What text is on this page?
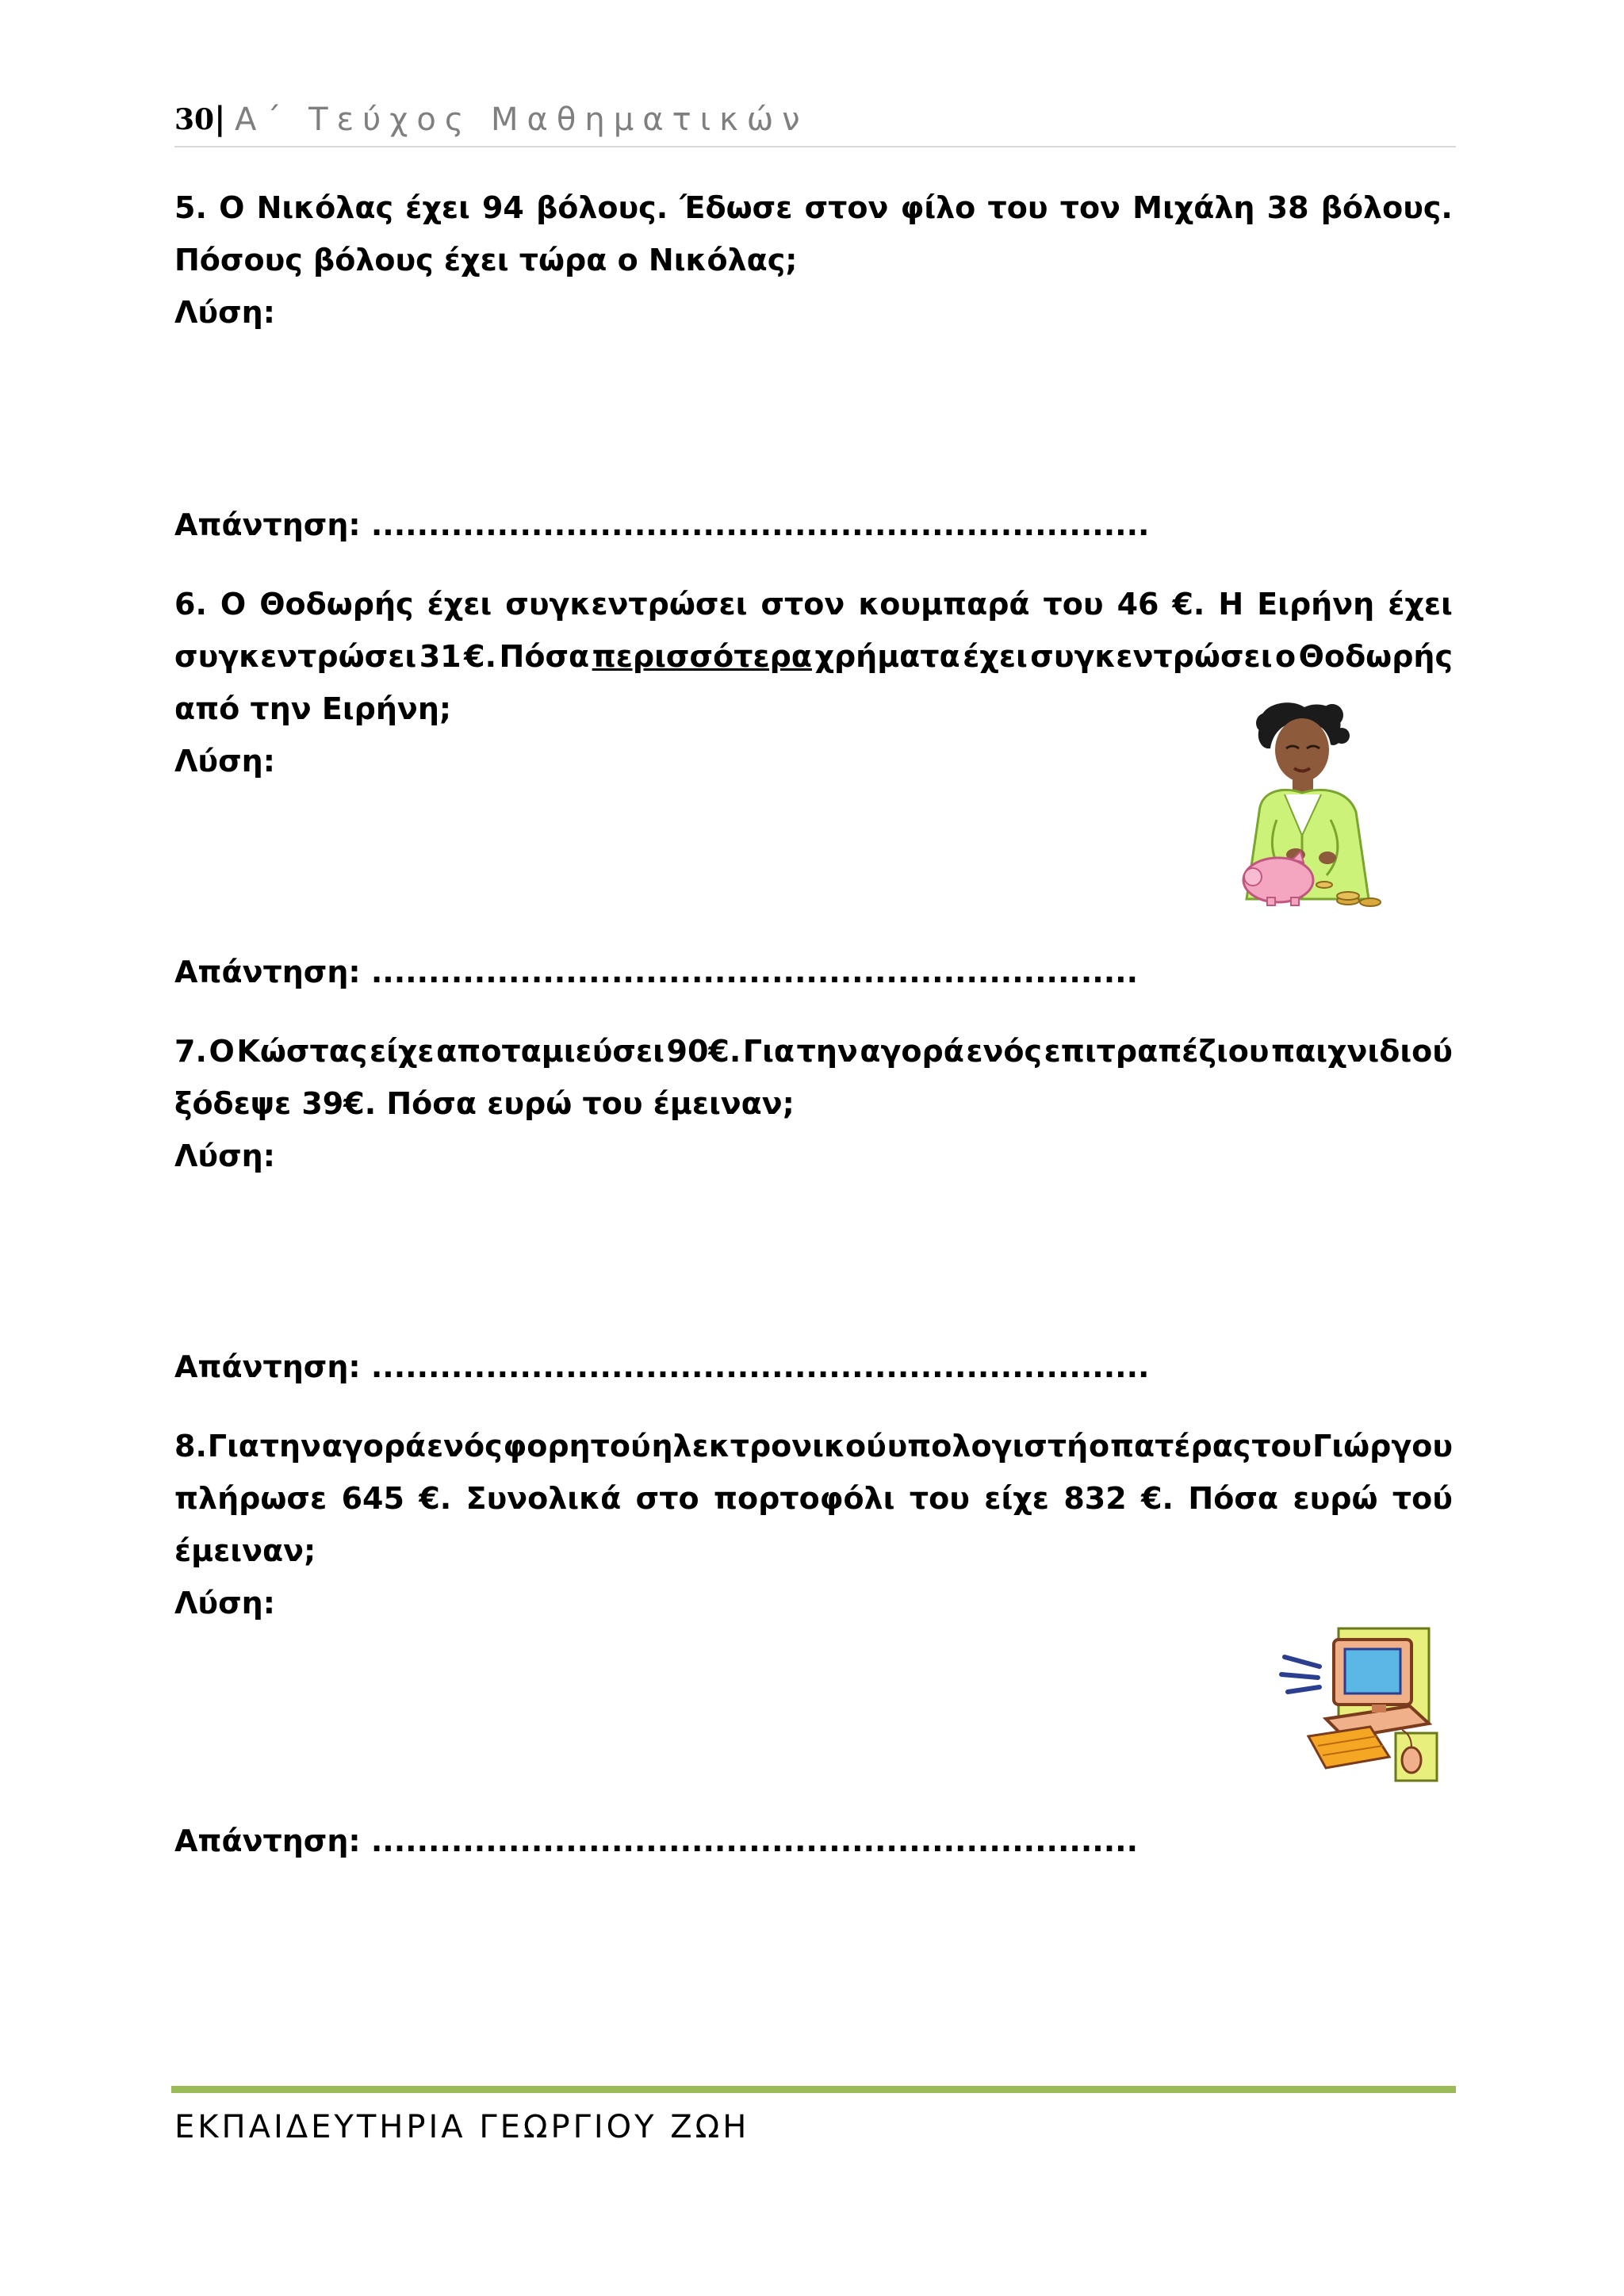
30 | Α΄ Τεύχος Μαθηματικών
5. Ο Νικόλας έχει 94 βόλους. Έδωσε στον φίλο του τον Μιχάλη 38 βόλους.
Πόσους βόλους έχει τώρα ο Νικόλας;
Λύση:
Απάντηση: ....................................................................
6. Ο Θοδωρής έχει συγκεντρώσει στον κουμπαρά του 46 €. Η Ειρήνη έχει
συγκεντρώσει 31 €. Πόσα περισσότερα χρήματα έχει συγκεντρώσει ο Θοδωρής
από την Ειρήνη;
Λύση:
Απάντηση: ...................................................................
7. Ο Κώστας είχε αποταμιεύσει 90€. Για την αγορά ενός επιτραπέζιου παιχνιδιού
ξόδεψε 39€. Πόσα ευρώ του έμειναν;
Λύση:
Απάντηση: ....................................................................
8. Για την αγορά ενός φορητού ηλεκτρονικού υπολογιστή ο πατέρας του Γιώργου
πλήρωσε 645 €. Συνολικά στο πορτοφόλι του είχε 832 €. Πόσα ευρώ τού
έμειναν;
Λύση:
Απάντηση: ...................................................................
ΕΚΠΑΙΔΕΥΤΗΡΙΑ ΓΕΩΡΓΙΟΥ ΖΩΗ
